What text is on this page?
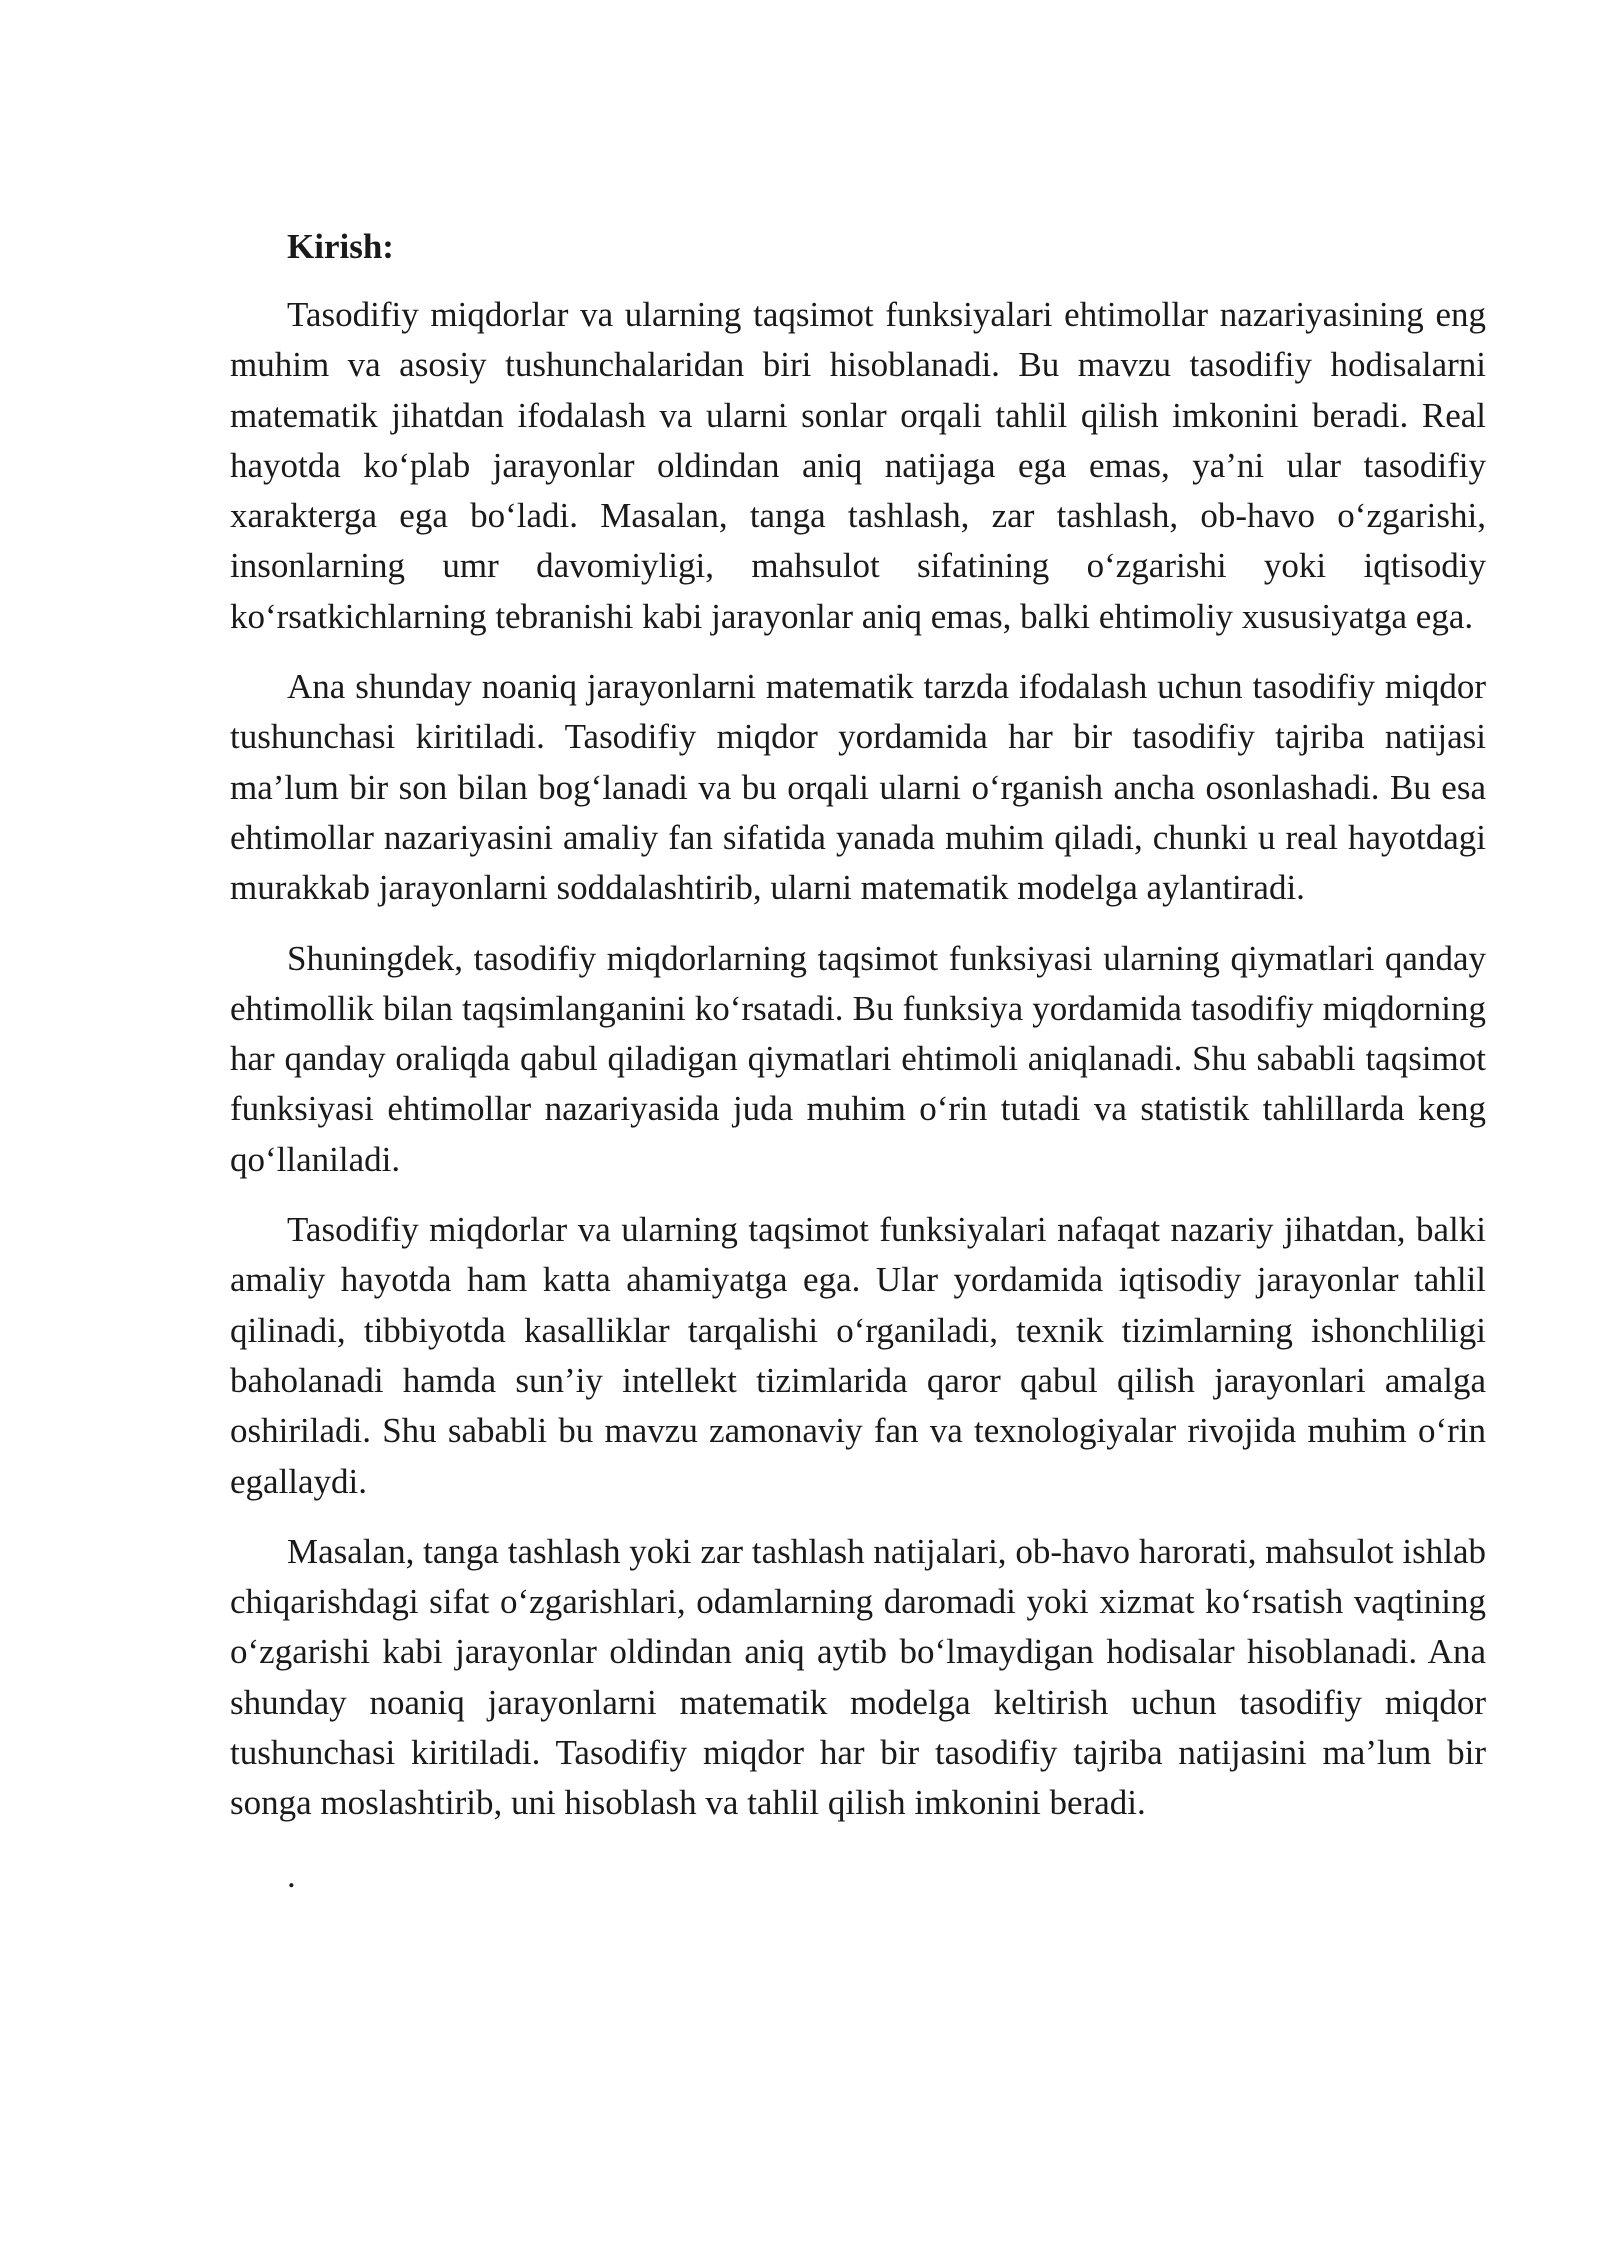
Kirish:

Tasodifiy miqdorlar va ularning taqsimot funksiyalari ehtimollar nazariyasining eng muhim va asosiy tushunchalaridan biri hisoblanadi. Bu mavzu tasodifiy hodisalarni matematik jihatdan ifodalash va ularni sonlar orqali tahlil qilish imkonini beradi. Real hayotda ko‘plab jarayonlar oldindan aniq natijaga ega emas, ya’ni ular tasodifiy xarakterga ega bo‘ladi. Masalan, tanga tashlash, zar tashlash, ob-havo o‘zgarishi, insonlarning umr davomiyligi, mahsulot sifatining o‘zgarishi yoki iqtisodiy ko‘rsatkichlarning tebranishi kabi jarayonlar aniq emas, balki ehtimoliy xususiyatga ega.

Ana shunday noaniq jarayonlarni matematik tarzda ifodalash uchun tasodifiy miqdor tushunchasi kiritiladi. Tasodifiy miqdor yordamida har bir tasodifiy tajriba natijasi ma’lum bir son bilan bog‘lanadi va bu orqali ularni o‘rganish ancha osonlashadi. Bu esa ehtimollar nazariyasini amaliy fan sifatida yanada muhim qiladi, chunki u real hayotdagi murakkab jarayonlarni soddalashtirib, ularni matematik modelga aylantiradi.

Shuningdek, tasodifiy miqdorlarning taqsimot funksiyasi ularning qiymatlari qanday ehtimollik bilan taqsimlanganini ko‘rsatadi. Bu funksiya yordamida tasodifiy miqdorning har qanday oraliqda qabul qiladigan qiymatlari ehtimoli aniqlanadi. Shu sababli taqsimot funksiyasi ehtimollar nazariyasida juda muhim o‘rin tutadi va statistik tahlillarda keng qo‘llaniladi.

Tasodifiy miqdorlar va ularning taqsimot funksiyalari nafaqat nazariy jihatdan, balki amaliy hayotda ham katta ahamiyatga ega. Ular yordamida iqtisodiy jarayonlar tahlil qilinadi, tibbiyotda kasalliklar tarqalishi o‘rganiladi, texnik tizimlarning ishonchliligi baholanadi hamda sun’iy intellekt tizimlarida qaror qabul qilish jarayonlari amalga oshiriladi. Shu sababli bu mavzu zamonaviy fan va texnologiyalar rivojida muhim o‘rin egallaydi.

Masalan, tanga tashlash yoki zar tashlash natijalari, ob-havo harorati, mahsulot ishlab chiqarishdagi sifat o‘zgarishlari, odamlarning daromadi yoki xizmat ko‘rsatish vaqtining o‘zgarishi kabi jarayonlar oldindan aniq aytib bo‘lmaydigan hodisalar hisoblanadi. Ana shunday noaniq jarayonlarni matematik modelga keltirish uchun tasodifiy miqdor tushunchasi kiritiladi. Tasodifiy miqdor har bir tasodifiy tajriba natijasini ma’lum bir songa moslashtirib, uni hisoblash va tahlil qilish imkonini beradi.

.
